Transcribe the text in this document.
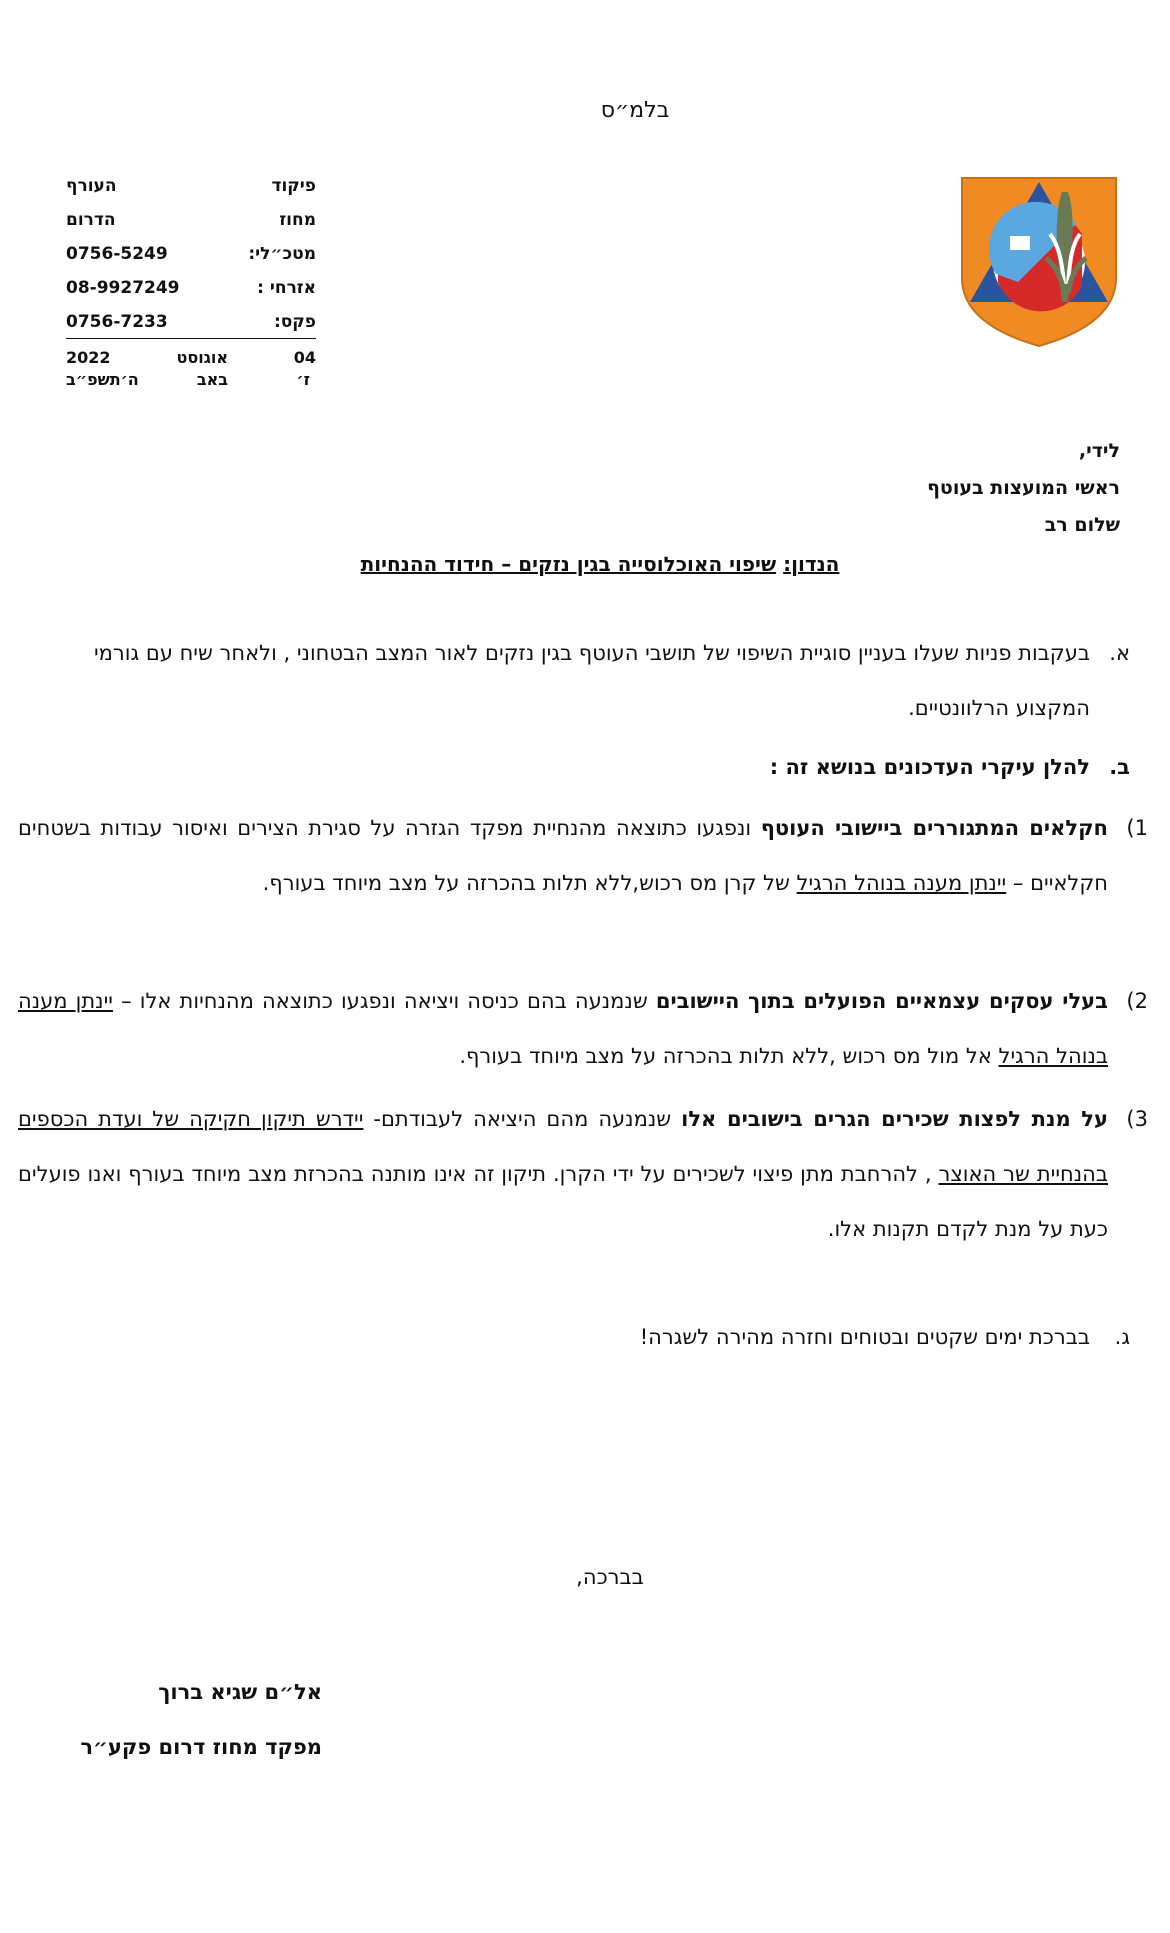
בלמ״ס
פיקוד
העורף
מחוז
הדרום
מטכ״לי:
0756-5249
אזרחי :
08-9927249
פקס:
0756-7233
04
אוגוסט
2022
ז׳
באב
ה׳תשפ״ב
לידי,
ראשי המועצות בעוטף
שלום רב
הנדון: שיפוי האוכלוסייה בגין נזקים – חידוד ההנחיות
א.
בעקבות פניות שעלו בעניין סוגיית השיפוי של תושבי העוטף בגין נזקים לאור המצב הבטחוני , ולאחר שיח עם גורמי המקצוע הרלוונטיים.
ב.
להלן עיקרי העדכונים בנושא זה :
1)
חקלאים המתגוררים ביישובי העוטף ונפגעו כתוצאה מהנחיית מפקד הגזרה על סגירת הצירים ואיסור עבודות בשטחים חקלאיים – יינתן מענה בנוהל הרגיל של קרן מס רכוש,ללא תלות בהכרזה על מצב מיוחד בעורף.
2)
בעלי עסקים עצמאיים הפועלים בתוך היישובים שנמנעה בהם כניסה ויציאה ונפגעו כתוצאה מהנחיות אלו – יינתן מענה בנוהל הרגיל אל מול מס רכוש ,ללא תלות בהכרזה על מצב מיוחד בעורף.
3)
על מנת לפצות שכירים הגרים בישובים אלו שנמנעה מהם היציאה לעבודתם- יידרש תיקון חקיקה של ועדת הכספים בהנחיית שר האוצר , להרחבת מתן פיצוי לשכירים על ידי הקרן. תיקון זה אינו מותנה בהכרזת מצב מיוחד בעורף ואנו פועלים כעת על מנת לקדם תקנות אלו.
ג.
בברכת ימים שקטים ובטוחים וחזרה מהירה לשגרה!
בברכה,
אל״ם שגיא ברוך
מפקד מחוז דרום פקע״ר
